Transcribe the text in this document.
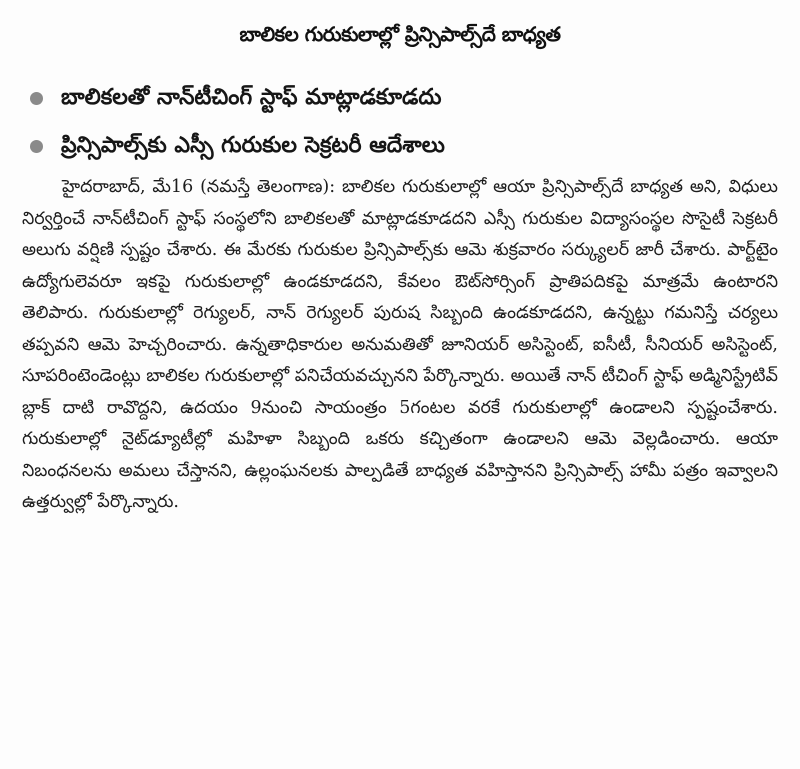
బాలికల గురుకులాల్లో ప్రిన్సిపాల్స్‌దే బాధ్యత
బాలికలతో నాన్‌టీచింగ్ స్టాఫ్ మాట్లాడకూడదు
ప్రిన్సిపాల్స్‌కు ఎస్సీ గురుకుల సెక్రటరీ ఆదేశాలు

హైదరాబాద్, మే16 (నమస్తే తెలంగాణ): బాలికల గురుకులాల్లో ఆయా ప్రిన్సిపాల్స్‌దే బాధ్యత అని, విధులు నిర్వర్తించే నాన్‌టీచింగ్ స్టాఫ్ సంస్థలోని బాలికలతో మాట్లాడకూడదని ఎస్సీ గురుకుల విద్యాసంస్థల సొసైటీ సెక్రటరీ అలుగు వర్షిణి స్పష్టం చేశారు. ఈ మేరకు గురుకుల ప్రిన్సిపాల్స్‌కు ఆమె శుక్రవారం సర్క్యులర్ జారీ చేశారు. పార్ట్‌టైం ఉద్యోగులెవరూ ఇకపై గురుకులాల్లో ఉండకూడదని, కేవలం ఔట్‌సోర్సింగ్ ప్రాతిపదికపై మాత్రమే ఉంటారని తెలిపారు. గురుకులాల్లో రెగ్యులర్, నాన్ రెగ్యులర్ పురుష సిబ్బంది ఉండకూడదని, ఉన్నట్టు గమనిస్తే చర్యలు తప్పవని ఆమె హెచ్చరించారు. ఉన్నతాధికారుల అనుమతితో జూనియర్ అసిస్టెంట్, ఐసీటీ, సీనియర్ అసిస్టెంట్, సూపరింటెండెంట్లు బాలికల గురుకులాల్లో పనిచేయవచ్చునని పేర్కొన్నారు. అయితే నాన్ టీచింగ్ స్టాఫ్ అడ్మినిస్ట్రేటివ్ బ్లాక్ దాటి రావొద్దని, ఉదయం 9నుంచి సాయంత్రం 5గంటల వరకే గురుకులాల్లో ఉండాలని స్పష్టంచేశారు. గురుకులాల్లో నైట్‌డ్యూటీల్లో మహిళా సిబ్బంది ఒకరు కచ్చితంగా ఉండాలని ఆమె వెల్లడించారు. ఆయా నిబంధనలను అమలు చేస్తానని, ఉల్లంఘనలకు పాల్పడితే బాధ్యత వహిస్తానని ప్రిన్సిపాల్స్ హామీ పత్రం ఇవ్వాలని ఉత్తర్వుల్లో పేర్కొన్నారు.
